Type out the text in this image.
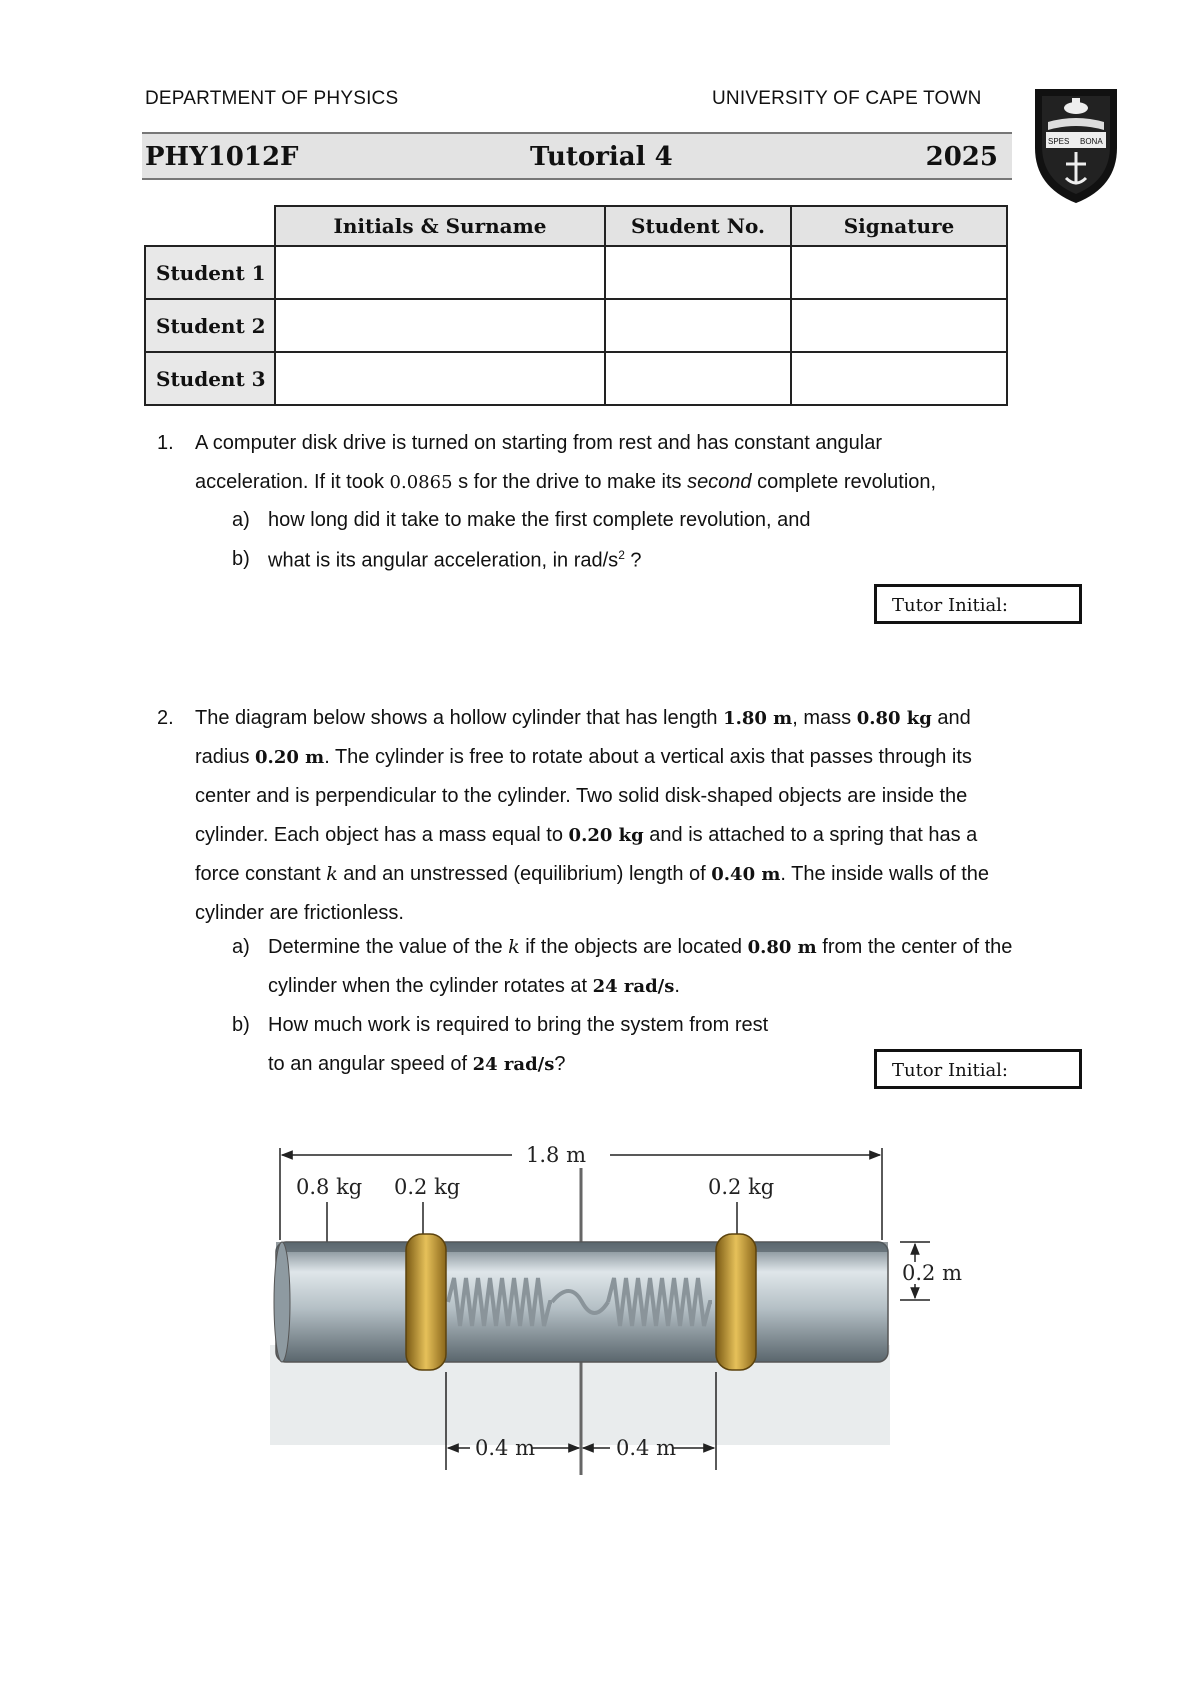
DEPARTMENT OF PHYSICS	UNIVERSITY OF CAPE TOWN
SPES BONA
PHY1012F	Tutorial 4	2025
	Initials & Surname	Student No.	Signature
Student 1			
Student 2			
Student 3			
1. A computer disk drive is turned on starting from rest and has constant angular
acceleration. If it took 0.0865 s for the drive to make its second complete revolution,
a) how long did it take to make the first complete revolution, and
b) what is its angular acceleration, in rad/$s^2$ ?
Tutor Initial:
2. The diagram below shows a hollow cylinder that has length 1.80 m, mass 0.80 kg and
radius 0.20 m. The cylinder is free to rotate about a vertical axis that passes through its
center and is perpendicular to the cylinder. Two solid disk-shaped objects are inside the
cylinder. Each object has a mass equal to 0.20 kg and is attached to a spring that has a
force constant k and an unstressed (equilibrium) length of 0.40 m. The inside walls of the
cylinder are frictionless.
a) Determine the value of the k if the objects are located 0.80 m from the center of the
cylinder when the cylinder rotates at 24 rad/s.
b) How much work is required to bring the system from rest
to an angular speed of 24 rad/s?	Tutor Initial:
1.8 m
0.8 kg 0.2 kg	0.2 kg
0.2 m
0.4 m	0.4 m
